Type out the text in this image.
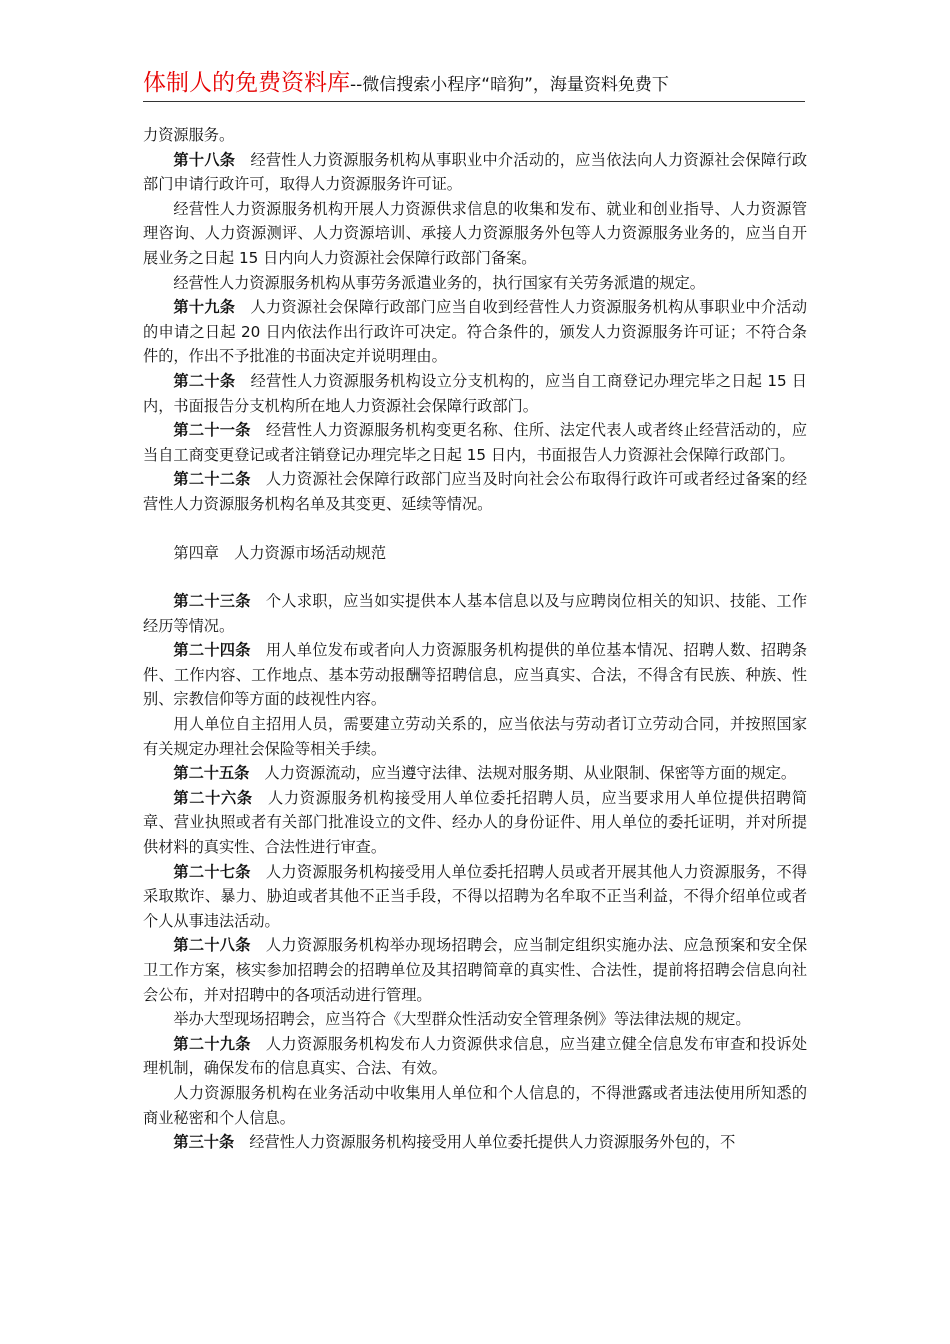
体制人的免费资料库--微信搜索小程序“暗狗”，海量资料免费下

力资源服务。

第十八条 经营性人力资源服务机构从事职业中介活动的，应当依法向人力资源社会保障行政部门申请行政许可，取得人力资源服务许可证。

经营性人力资源服务机构开展人力资源供求信息的收集和发布、就业和创业指导、人力资源管理咨询、人力资源测评、人力资源培训、承接人力资源服务外包等人力资源服务业务的，应当自开展业务之日起 15 日内向人力资源社会保障行政部门备案。

经营性人力资源服务机构从事劳务派遣业务的，执行国家有关劳务派遣的规定。

第十九条 人力资源社会保障行政部门应当自收到经营性人力资源服务机构从事职业中介活动的申请之日起 20 日内依法作出行政许可决定。符合条件的，颁发人力资源服务许可证；不符合条件的，作出不予批准的书面决定并说明理由。

第二十条 经营性人力资源服务机构设立分支机构的，应当自工商登记办理完毕之日起 15 日内，书面报告分支机构所在地人力资源社会保障行政部门。

第二十一条 经营性人力资源服务机构变更名称、住所、法定代表人或者终止经营活动的，应当自工商变更登记或者注销登记办理完毕之日起 15 日内，书面报告人力资源社会保障行政部门。

第二十二条 人力资源社会保障行政部门应当及时向社会公布取得行政许可或者经过备案的经营性人力资源服务机构名单及其变更、延续等情况。

第四章　人力资源市场活动规范

第二十三条 个人求职，应当如实提供本人基本信息以及与应聘岗位相关的知识、技能、工作经历等情况。

第二十四条 用人单位发布或者向人力资源服务机构提供的单位基本情况、招聘人数、招聘条件、工作内容、工作地点、基本劳动报酬等招聘信息，应当真实、合法，不得含有民族、种族、性别、宗教信仰等方面的歧视性内容。

用人单位自主招用人员，需要建立劳动关系的，应当依法与劳动者订立劳动合同，并按照国家有关规定办理社会保险等相关手续。

第二十五条 人力资源流动，应当遵守法律、法规对服务期、从业限制、保密等方面的规定。

第二十六条 人力资源服务机构接受用人单位委托招聘人员，应当要求用人单位提供招聘简章、营业执照或者有关部门批准设立的文件、经办人的身份证件、用人单位的委托证明，并对所提供材料的真实性、合法性进行审查。

第二十七条 人力资源服务机构接受用人单位委托招聘人员或者开展其他人力资源服务，不得采取欺诈、暴力、胁迫或者其他不正当手段，不得以招聘为名牟取不正当利益，不得介绍单位或者个人从事违法活动。

第二十八条 人力资源服务机构举办现场招聘会，应当制定组织实施办法、应急预案和安全保卫工作方案，核实参加招聘会的招聘单位及其招聘简章的真实性、合法性，提前将招聘会信息向社会公布，并对招聘中的各项活动进行管理。

举办大型现场招聘会，应当符合《大型群众性活动安全管理条例》等法律法规的规定。

第二十九条 人力资源服务机构发布人力资源供求信息，应当建立健全信息发布审查和投诉处理机制，确保发布的信息真实、合法、有效。

人力资源服务机构在业务活动中收集用人单位和个人信息的，不得泄露或者违法使用所知悉的商业秘密和个人信息。

第三十条 经营性人力资源服务机构接受用人单位委托提供人力资源服务外包的，不
